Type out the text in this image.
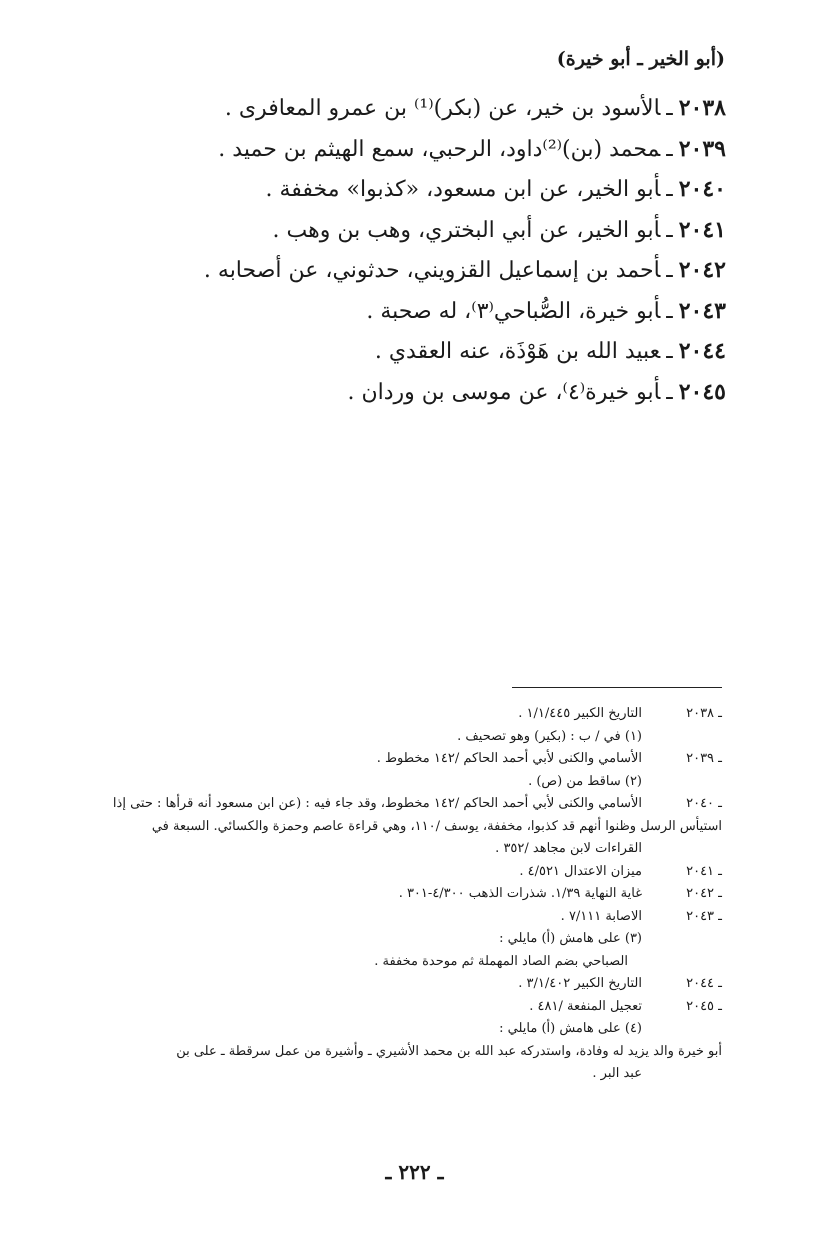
(أبو الخير ـ أبو خيرة)
٢٠٣٨ـالأسود بن خير، عن (بكر)⁽¹⁾ بن عمرو المعافرى .
٢٠٣٩ـمحمد (بن)⁽²⁾داود، الرحبي، سمع الهيثم بن حميد .
٢٠٤٠ـأبو الخير، عن ابن مسعود، «كذبوا» مخففة .
٢٠٤١ـأبو الخير، عن أبي البختري، وهب بن وهب .
٢٠٤٢ـأحمد بن إسماعيل القزويني، حدثوني، عن أصحابه .
٢٠٤٣ـأبو خيرة، الصُّباحي⁽٣⁾، له صحبة .
٢٠٤٤ـعبيد الله بن هَوْذَة، عنه العقدي .
٢٠٤٥ـأبو خيرة⁽٤⁾، عن موسى بن وردان .
ـ ٢٠٣٨
التاريخ الكبير ١/١/٤٤٥ .
(١) في / ب : (بكير) وهو تصحيف .
ـ ٢٠٣٩
الأسامي والكنى لأبي أحمد الحاكم /١٤٢ مخطوط .
(٢) ساقط من (ص) .
ـ ٢٠٤٠
الأسامي والكنى لأبي أحمد الحاكم /١٤٢ مخطوط، وقد جاء فيه : (عن ابن مسعود أنه قرأها : حتى إذا
استيأس الرسل وظنوا أنهم قد كذبوا، مخففة، يوسف /١١٠، وهي قراءة عاصم وحمزة والكسائي. السبعة في
القراءات لابن مجاهد /٣٥٢ .
ـ ٢٠٤١
ميزان الاعتدال ٤/٥٢١ .
ـ ٢٠٤٢
غاية النهاية ١/٣٩. شذرات الذهب ٤/٣٠٠-٣٠١ .
ـ ٢٠٤٣
الاصابة ٧/١١١ .
(٣) على هامش (أ) مايلي :
الصباحي بضم الصاد المهملة ثم موحدة مخففة .
ـ ٢٠٤٤
التاريخ الكبير ٣/١/٤٠٢ .
ـ ٢٠٤٥
تعجيل المنفعة /٤٨١ .
(٤) على هامش (أ) مايلي :
أبو خيرة والد يزيد له وفادة، واستدركه عبد الله بن محمد الأشيري ـ وأشيرة من عمل سرقطة ـ على بن
عبد البر .
ـ ٢٢٢ ـ
